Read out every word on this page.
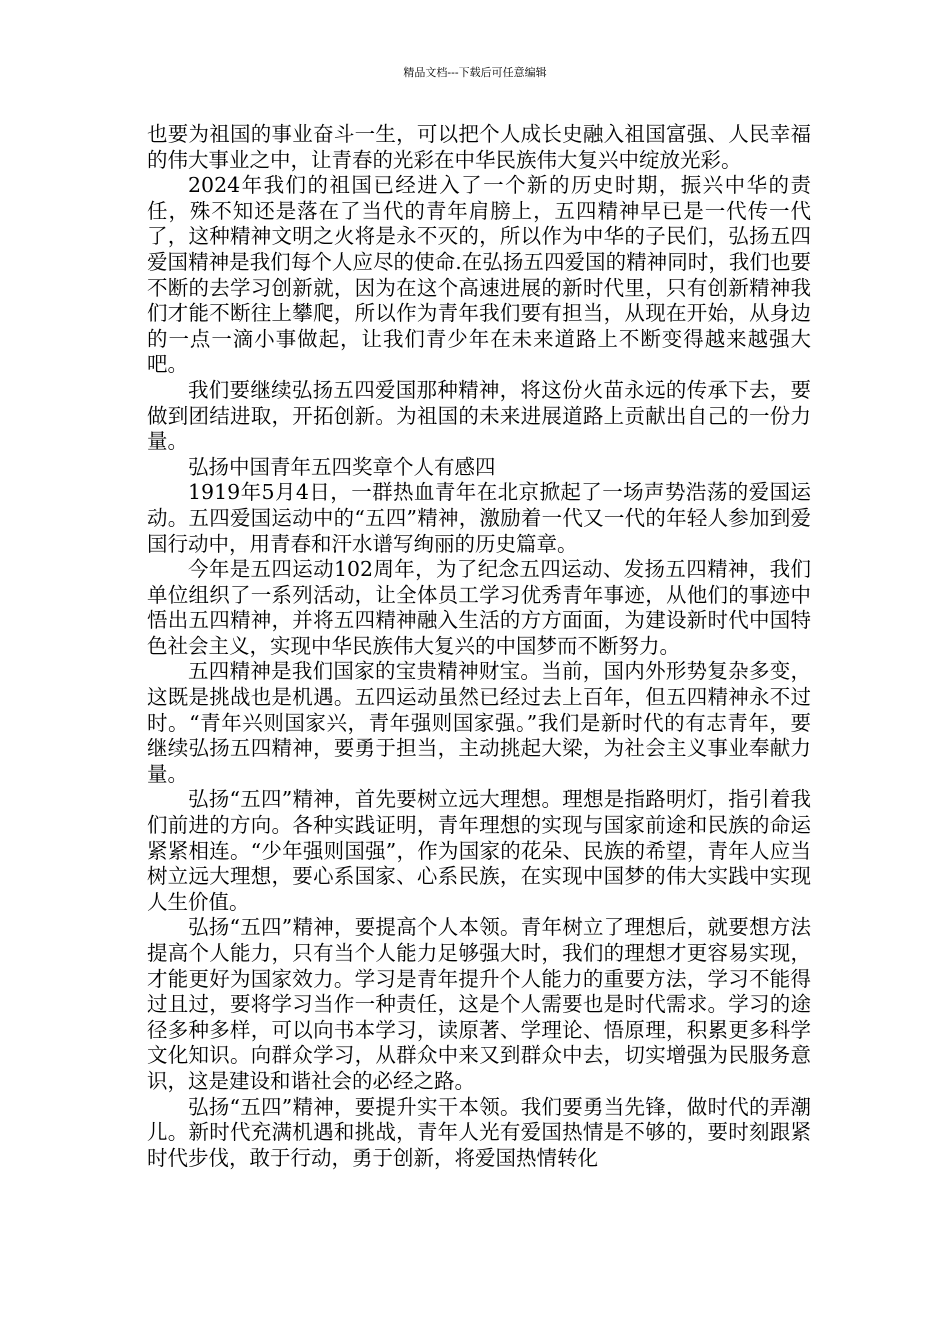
精品文档---下载后可任意编辑

也要为祖国的事业奋斗一生，可以把个人成长史融入祖国富强、人民幸福的伟大事业之中，让青春的光彩在中华民族伟大复兴中绽放光彩。

2024年我们的祖国已经进入了一个新的历史时期，振兴中华的责任，殊不知还是落在了当代的青年肩膀上，五四精神早已是一代传一代了，这种精神文明之火将是永不灭的，所以作为中华的子民们，弘扬五四爱国精神是我们每个人应尽的使命.在弘扬五四爱国的精神同时，我们也要不断的去学习创新就，因为在这个高速进展的新时代里，只有创新精神我们才能不断往上攀爬，所以作为青年我们要有担当，从现在开始，从身边的一点一滴小事做起，让我们青少年在未来道路上不断变得越来越强大吧。

我们要继续弘扬五四爱国那种精神，将这份火苗永远的传承下去，要做到团结进取，开拓创新。为祖国的未来进展道路上贡献出自己的一份力量。

弘扬中国青年五四奖章个人有感四

1919年5月4日，一群热血青年在北京掀起了一场声势浩荡的爱国运动。五四爱国运动中的“五四”精神，激励着一代又一代的年轻人参加到爱国行动中，用青春和汗水谱写绚丽的历史篇章。

今年是五四运动102周年，为了纪念五四运动、发扬五四精神，我们单位组织了一系列活动，让全体员工学习优秀青年事迹，从他们的事迹中悟出五四精神，并将五四精神融入生活的方方面面，为建设新时代中国特色社会主义，实现中华民族伟大复兴的中国梦而不断努力。

五四精神是我们国家的宝贵精神财宝。当前，国内外形势复杂多变，这既是挑战也是机遇。五四运动虽然已经过去上百年，但五四精神永不过时。“青年兴则国家兴，青年强则国家强。”我们是新时代的有志青年，要继续弘扬五四精神，要勇于担当，主动挑起大梁，为社会主义事业奉献力量。

弘扬“五四”精神，首先要树立远大理想。理想是指路明灯，指引着我们前进的方向。各种实践证明，青年理想的实现与国家前途和民族的命运紧紧相连。“少年强则国强”，作为国家的花朵、民族的希望，青年人应当树立远大理想，要心系国家、心系民族，在实现中国梦的伟大实践中实现人生价值。

弘扬“五四”精神，要提高个人本领。青年树立了理想后，就要想方法提高个人能力，只有当个人能力足够强大时，我们的理想才更容易实现，才能更好为国家效力。学习是青年提升个人能力的重要方法，学习不能得过且过，要将学习当作一种责任，这是个人需要也是时代需求。学习的途径多种多样，可以向书本学习，读原著、学理论、悟原理，积累更多科学文化知识。向群众学习，从群众中来又到群众中去，切实增强为民服务意识，这是建设和谐社会的必经之路。

弘扬“五四”精神，要提升实干本领。我们要勇当先锋，做时代的弄潮儿。新时代充满机遇和挑战，青年人光有爱国热情是不够的，要时刻跟紧时代步伐，敢于行动，勇于创新，将爱国热情转化
